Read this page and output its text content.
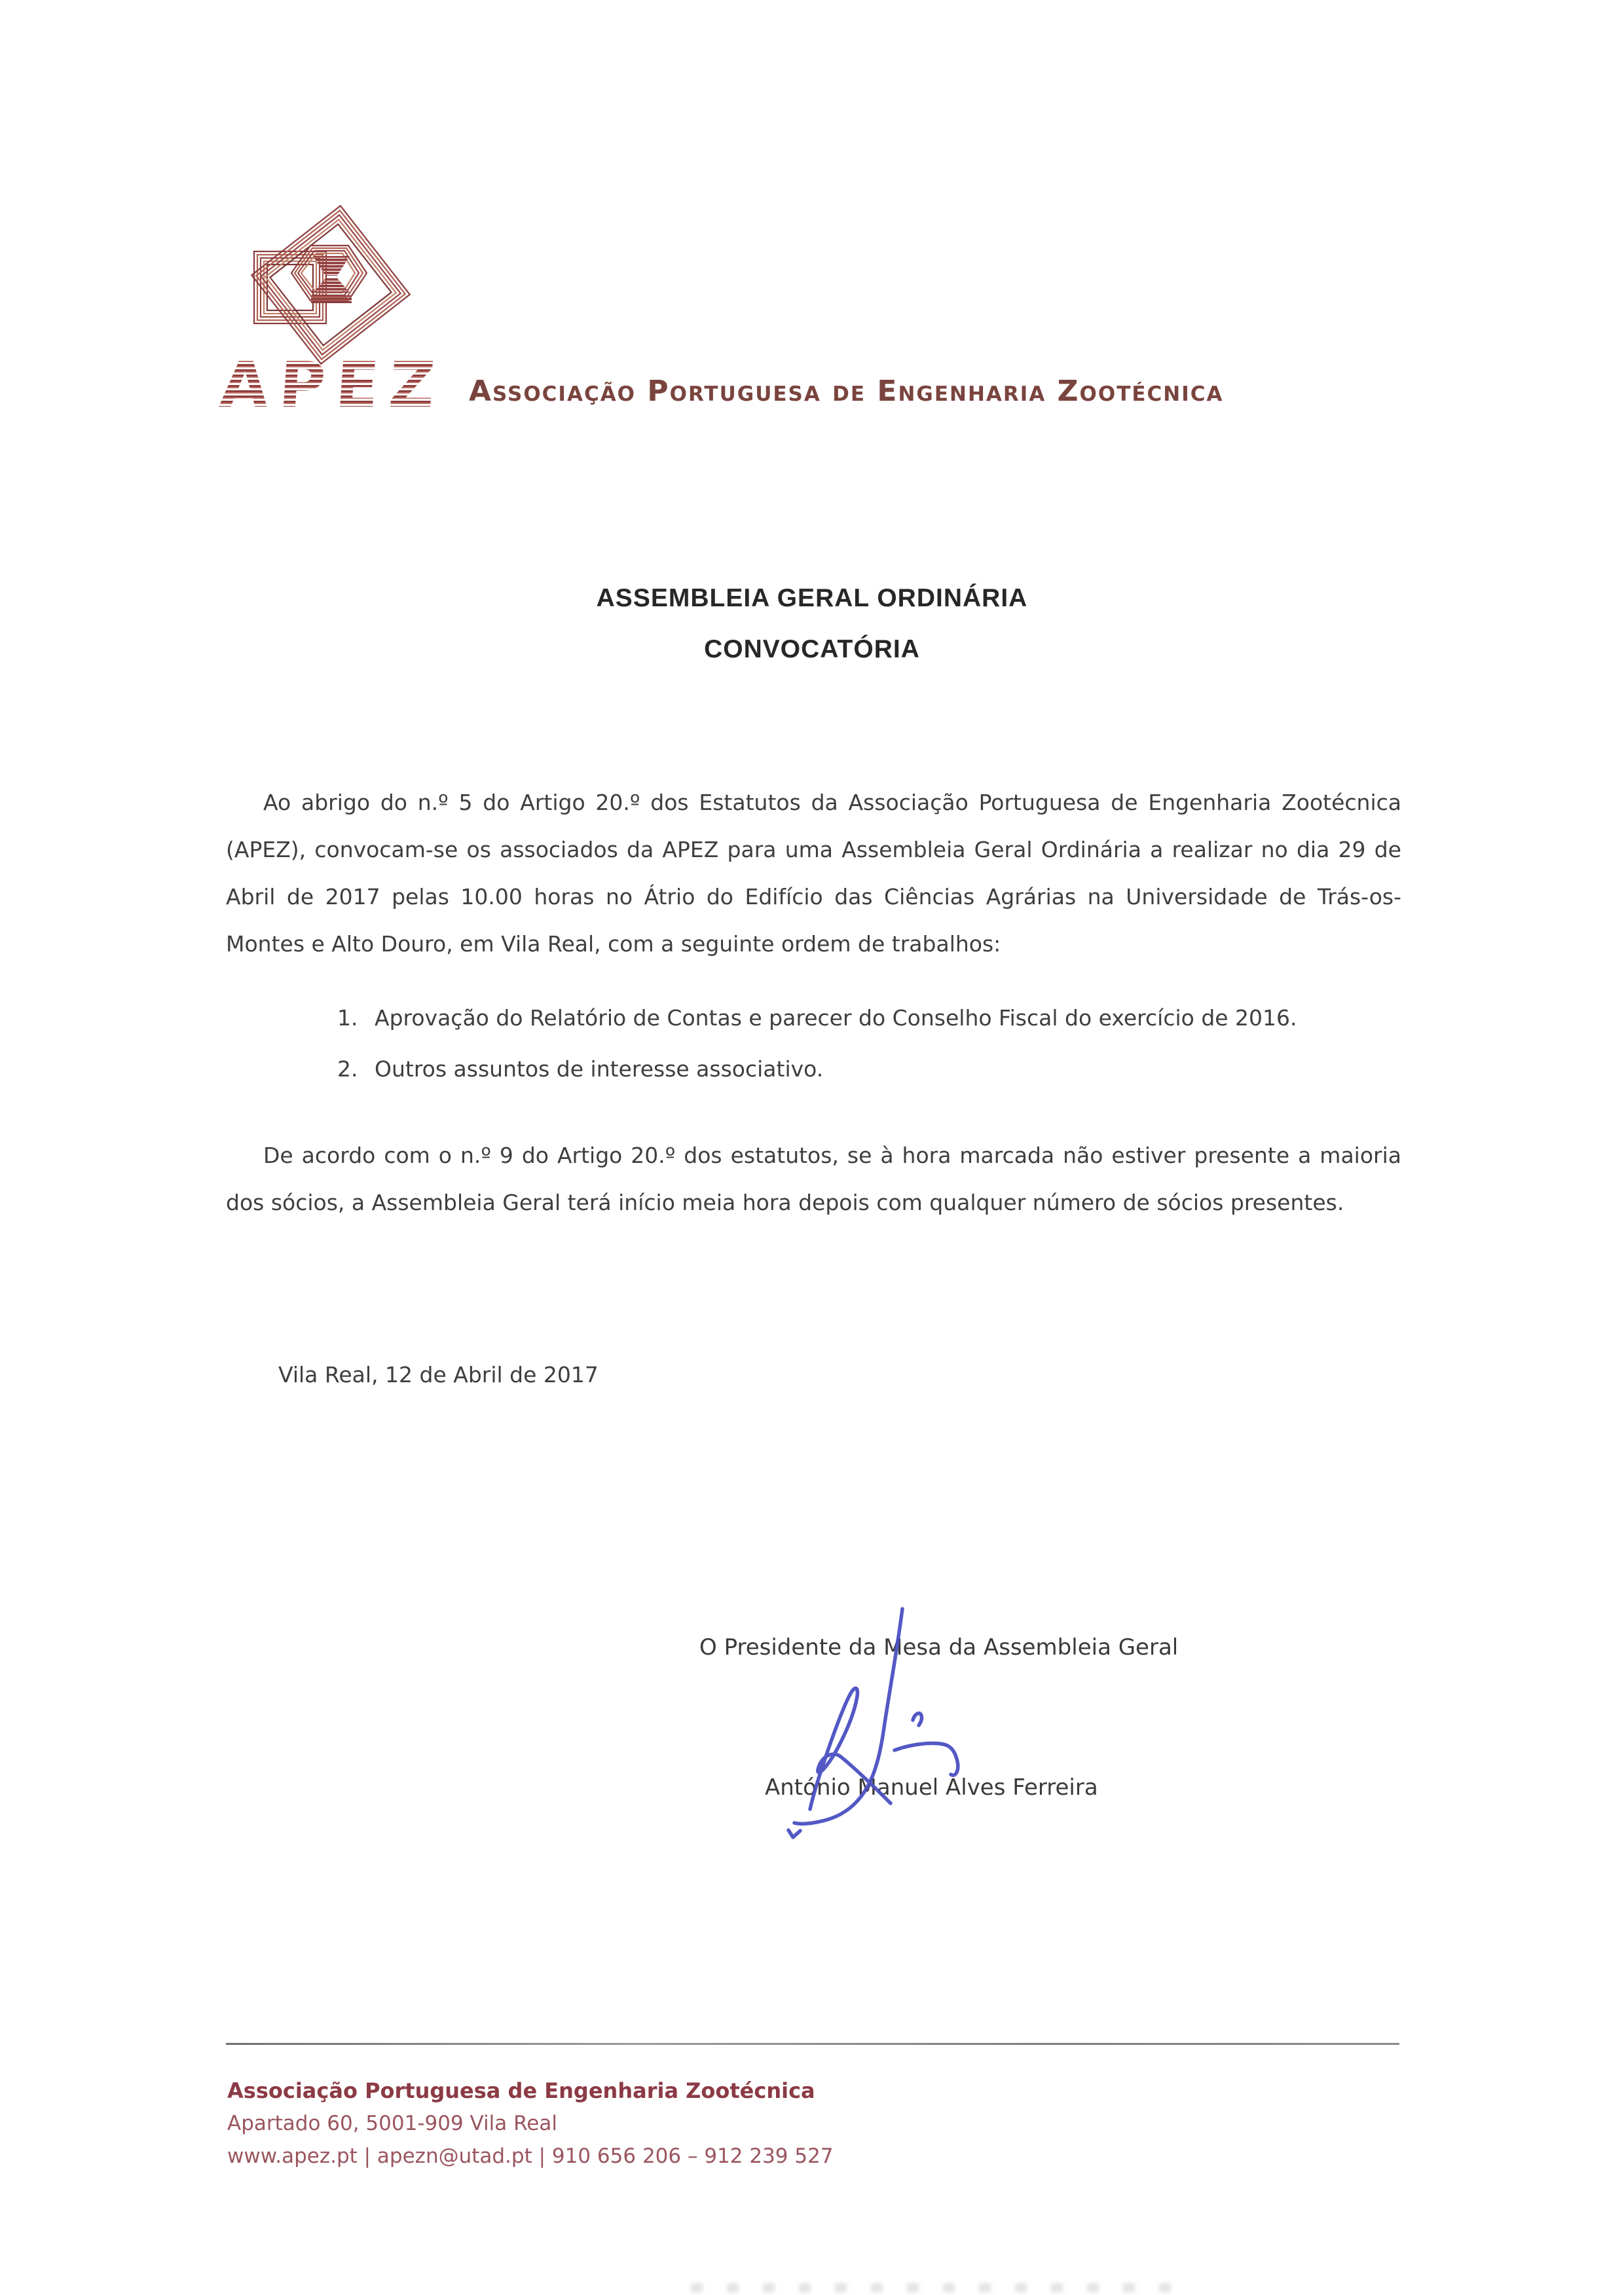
APEZ Associação Portuguesa de Engenharia Zootécnica
ASSEMBLEIA GERAL ORDINÁRIA
CONVOCATÓRIA

Ao abrigo do n.º 5 do Artigo 20.º dos Estatutos da Associação Portuguesa de Engenharia Zootécnica (APEZ), convocam-se os associados da APEZ para uma Assembleia Geral Ordinária a realizar no dia 29 de Abril de 2017 pelas 10.00 horas no Átrio do Edifício das Ciências Agrárias na Universidade de Trás-os-Montes e Alto Douro, em Vila Real, com a seguinte ordem de trabalhos:

1. Aprovação do Relatório de Contas e parecer do Conselho Fiscal do exercício de 2016.
2. Outros assuntos de interesse associativo.

De acordo com o n.º 9 do Artigo 20.º dos estatutos, se à hora marcada não estiver presente a maioria dos sócios, a Assembleia Geral terá início meia hora depois com qualquer número de sócios presentes.

Vila Real, 12 de Abril de 2017
O Presidente da Mesa da Assembleia Geral
António Manuel Alves Ferreira
Associação Portuguesa de Engenharia Zootécnica
Apartado 60, 5001-909 Vila Real
www.apez.pt | apezn@utad.pt | 910 656 206 – 912 239 527
